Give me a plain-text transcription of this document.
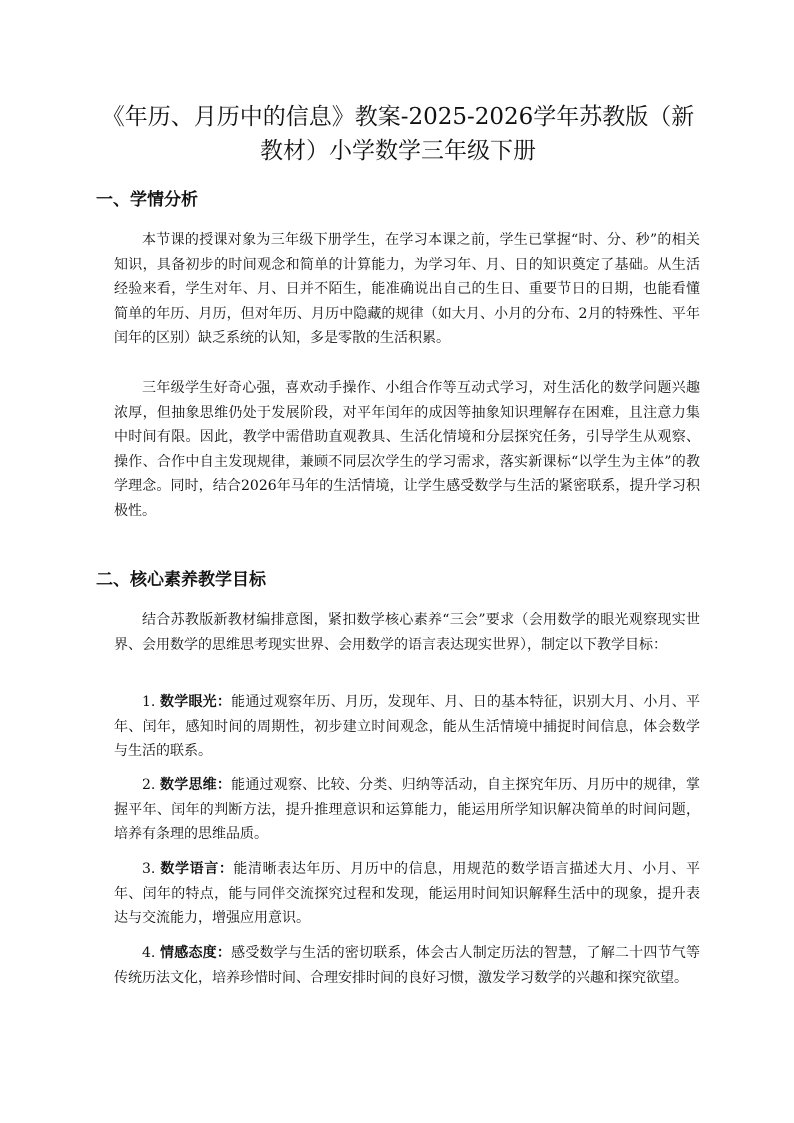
《年历、月历中的信息》教案-2025-2026学年苏教版（新教材）小学数学三年级下册
一、学情分析

本节课的授课对象为三年级下册学生，在学习本课之前，学生已掌握“时、分、秒”的相关知识，具备初步的时间观念和简单的计算能力，为学习年、月、日的知识奠定了基础。从生活经验来看，学生对年、月、日并不陌生，能准确说出自己的生日、重要节日的日期，也能看懂简单的年历、月历，但对年历、月历中隐藏的规律（如大月、小月的分布、2月的特殊性、平年闰年的区别）缺乏系统的认知，多是零散的生活积累。

三年级学生好奇心强，喜欢动手操作、小组合作等互动式学习，对生活化的数学问题兴趣浓厚，但抽象思维仍处于发展阶段，对平年闰年的成因等抽象知识理解存在困难，且注意力集中时间有限。因此，教学中需借助直观教具、生活化情境和分层探究任务，引导学生从观察、操作、合作中自主发现规律，兼顾不同层次学生的学习需求，落实新课标“以学生为主体”的教学理念。同时，结合2026年马年的生活情境，让学生感受数学与生活的紧密联系，提升学习积极性。

二、核心素养教学目标

结合苏教版新教材编排意图，紧扣数学核心素养“三会”要求（会用数学的眼光观察现实世界、会用数学的思维思考现实世界、会用数学的语言表达现实世界），制定以下教学目标：

1. 数学眼光：能通过观察年历、月历，发现年、月、日的基本特征，识别大月、小月、平年、闰年，感知时间的周期性，初步建立时间观念，能从生活情境中捕捉时间信息，体会数学与生活的联系。

2. 数学思维：能通过观察、比较、分类、归纳等活动，自主探究年历、月历中的规律，掌握平年、闰年的判断方法，提升推理意识和运算能力，能运用所学知识解决简单的时间问题，培养有条理的思维品质。

3. 数学语言：能清晰表达年历、月历中的信息，用规范的数学语言描述大月、小月、平年、闰年的特点，能与同伴交流探究过程和发现，能运用时间知识解释生活中的现象，提升表达与交流能力，增强应用意识。

4. 情感态度：感受数学与生活的密切联系，体会古人制定历法的智慧，了解二十四节气等传统历法文化，培养珍惜时间、合理安排时间的良好习惯，激发学习数学的兴趣和探究欲望。
